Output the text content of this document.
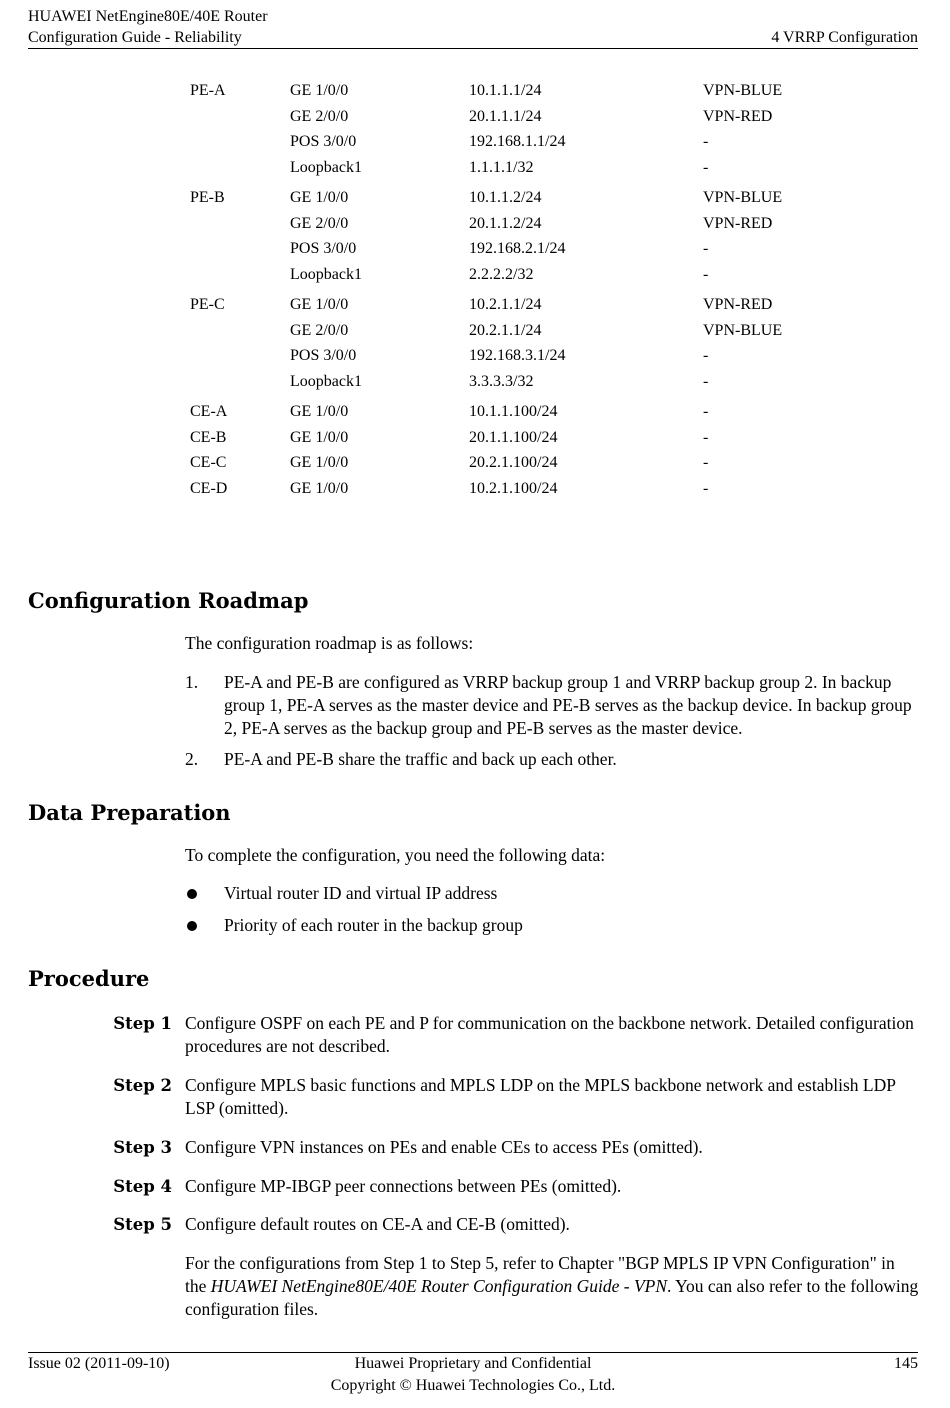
HUAWEI NetEngine80E/40E Router
Configuration Guide - Reliability	4 VRRP Configuration
PE-A	GE 1/0/0	10.1.1.1/24	VPN-BLUE
	GE 2/0/0	20.1.1.1/24	VPN-RED
	POS 3/0/0	192.168.1.1/24	-
	Loopback1	1.1.1.1/32	-
PE-B	GE 1/0/0	10.1.1.2/24	VPN-BLUE
	GE 2/0/0	20.1.1.2/24	VPN-RED
	POS 3/0/0	192.168.2.1/24	-
	Loopback1	2.2.2.2/32	-
PE-C	GE 1/0/0	10.2.1.1/24	VPN-RED
	GE 2/0/0	20.2.1.1/24	VPN-BLUE
	POS 3/0/0	192.168.3.1/24	-
	Loopback1	3.3.3.3/32	-
CE-A	GE 1/0/0	10.1.1.100/24	-
CE-B	GE 1/0/0	20.1.1.100/24	-
CE-C	GE 1/0/0	20.2.1.100/24	-
CE-D	GE 1/0/0	10.2.1.100/24	-
Configuration Roadmap

The configuration roadmap is as follows:

1. PE-A and PE-B are configured as VRRP backup group 1 and VRRP backup group 2. In backup group 1, PE-A serves as the master device and PE-B serves as the backup device. In backup group 2, PE-A serves as the backup group and PE-B serves as the master device.
2. PE-A and PE-B share the traffic and back up each other.
Data Preparation

To complete the configuration, you need the following data:

Virtual router ID and virtual IP address
Priority of each router in the backup group
Procedure
Step 1 Configure OSPF on each PE and P for communication on the backbone network. Detailed configuration procedures are not described.
Step 2 Configure MPLS basic functions and MPLS LDP on the MPLS backbone network and establish LDP LSP (omitted).
Step 3 Configure VPN instances on PEs and enable CEs to access PEs (omitted).
Step 4 Configure MP-IBGP peer connections between PEs (omitted).
Step 5 Configure default routes on CE-A and CE-B (omitted).

For the configurations from Step 1 to Step 5, refer to Chapter "BGP MPLS IP VPN Configuration" in the HUAWEI NetEngine80E/40E Router Configuration Guide - VPN. You can also refer to the following configuration files.

Issue 02 (2011-09-10)	Huawei Proprietary and Confidential
Copyright © Huawei Technologies Co., Ltd.
145
